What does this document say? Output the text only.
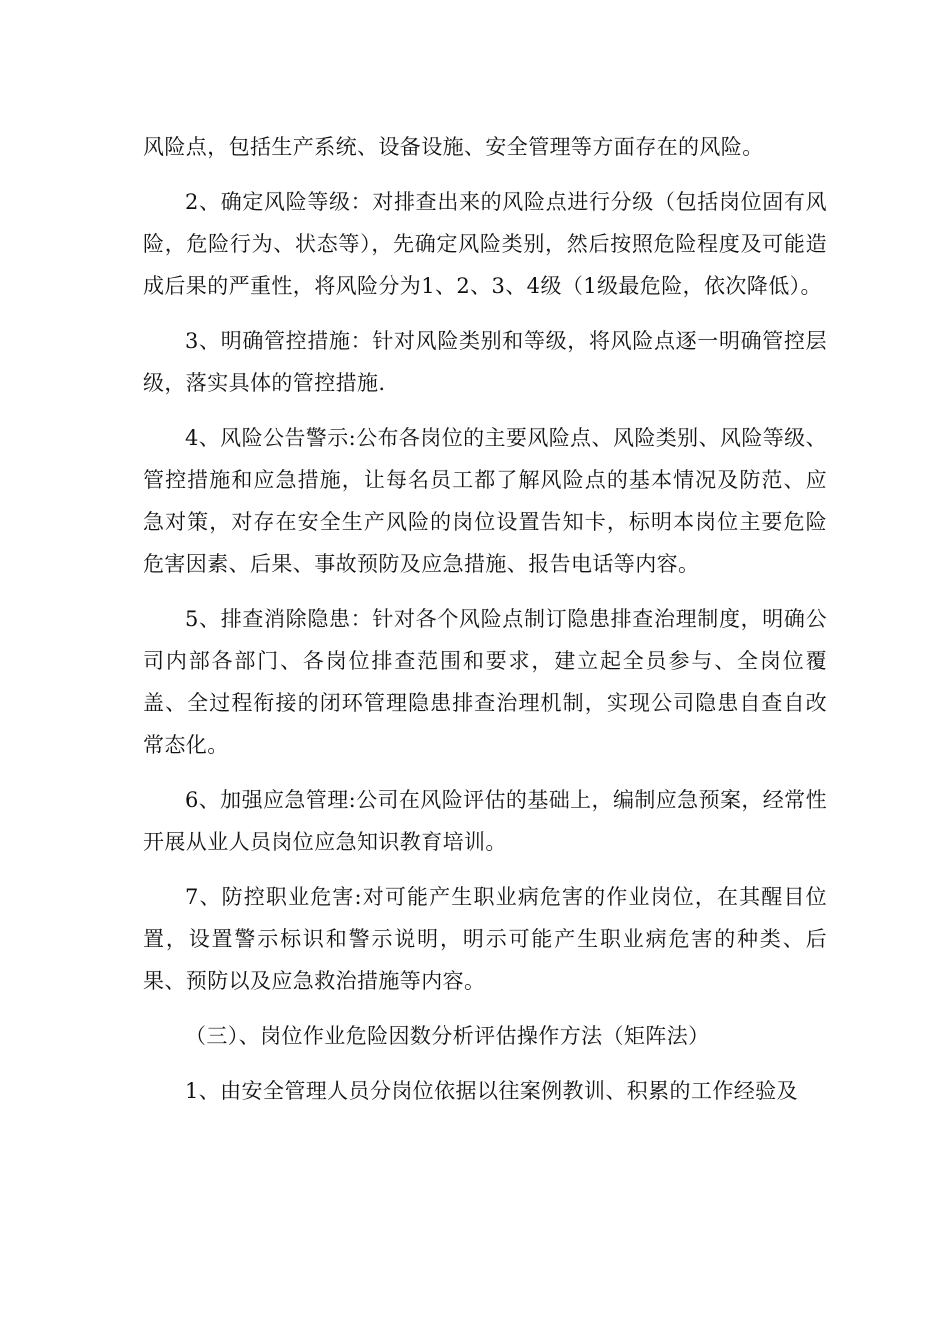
风险点，包括生产系统、设备设施、安全管理等方面存在的风险。

2、确定风险等级：对排查出来的风险点进行分级（包括岗位固有风险，危险行为、状态等），先确定风险类别，然后按照危险程度及可能造成后果的严重性，将风险分为1、2、3、4级（1级最危险，依次降低）。

3、明确管控措施：针对风险类别和等级，将风险点逐一明确管控层级，落实具体的管控措施.

4、风险公告警示:公布各岗位的主要风险点、风险类别、风险等级、管控措施和应急措施，让每名员工都了解风险点的基本情况及防范、应急对策，对存在安全生产风险的岗位设置告知卡，标明本岗位主要危险危害因素、后果、事故预防及应急措施、报告电话等内容。

5、排查消除隐患：针对各个风险点制订隐患排查治理制度，明确公司内部各部门、各岗位排查范围和要求，建立起全员参与、全岗位覆盖、全过程衔接的闭环管理隐患排查治理机制，实现公司隐患自查自改常态化。

6、加强应急管理:公司在风险评估的基础上，编制应急预案，经常性开展从业人员岗位应急知识教育培训。

7、防控职业危害:对可能产生职业病危害的作业岗位，在其醒目位置，设置警示标识和警示说明，明示可能产生职业病危害的种类、后果、预防以及应急救治措施等内容。

（三）、岗位作业危险因数分析评估操作方法（矩阵法）

1、由安全管理人员分岗位依据以往案例教训、积累的工作经验及
